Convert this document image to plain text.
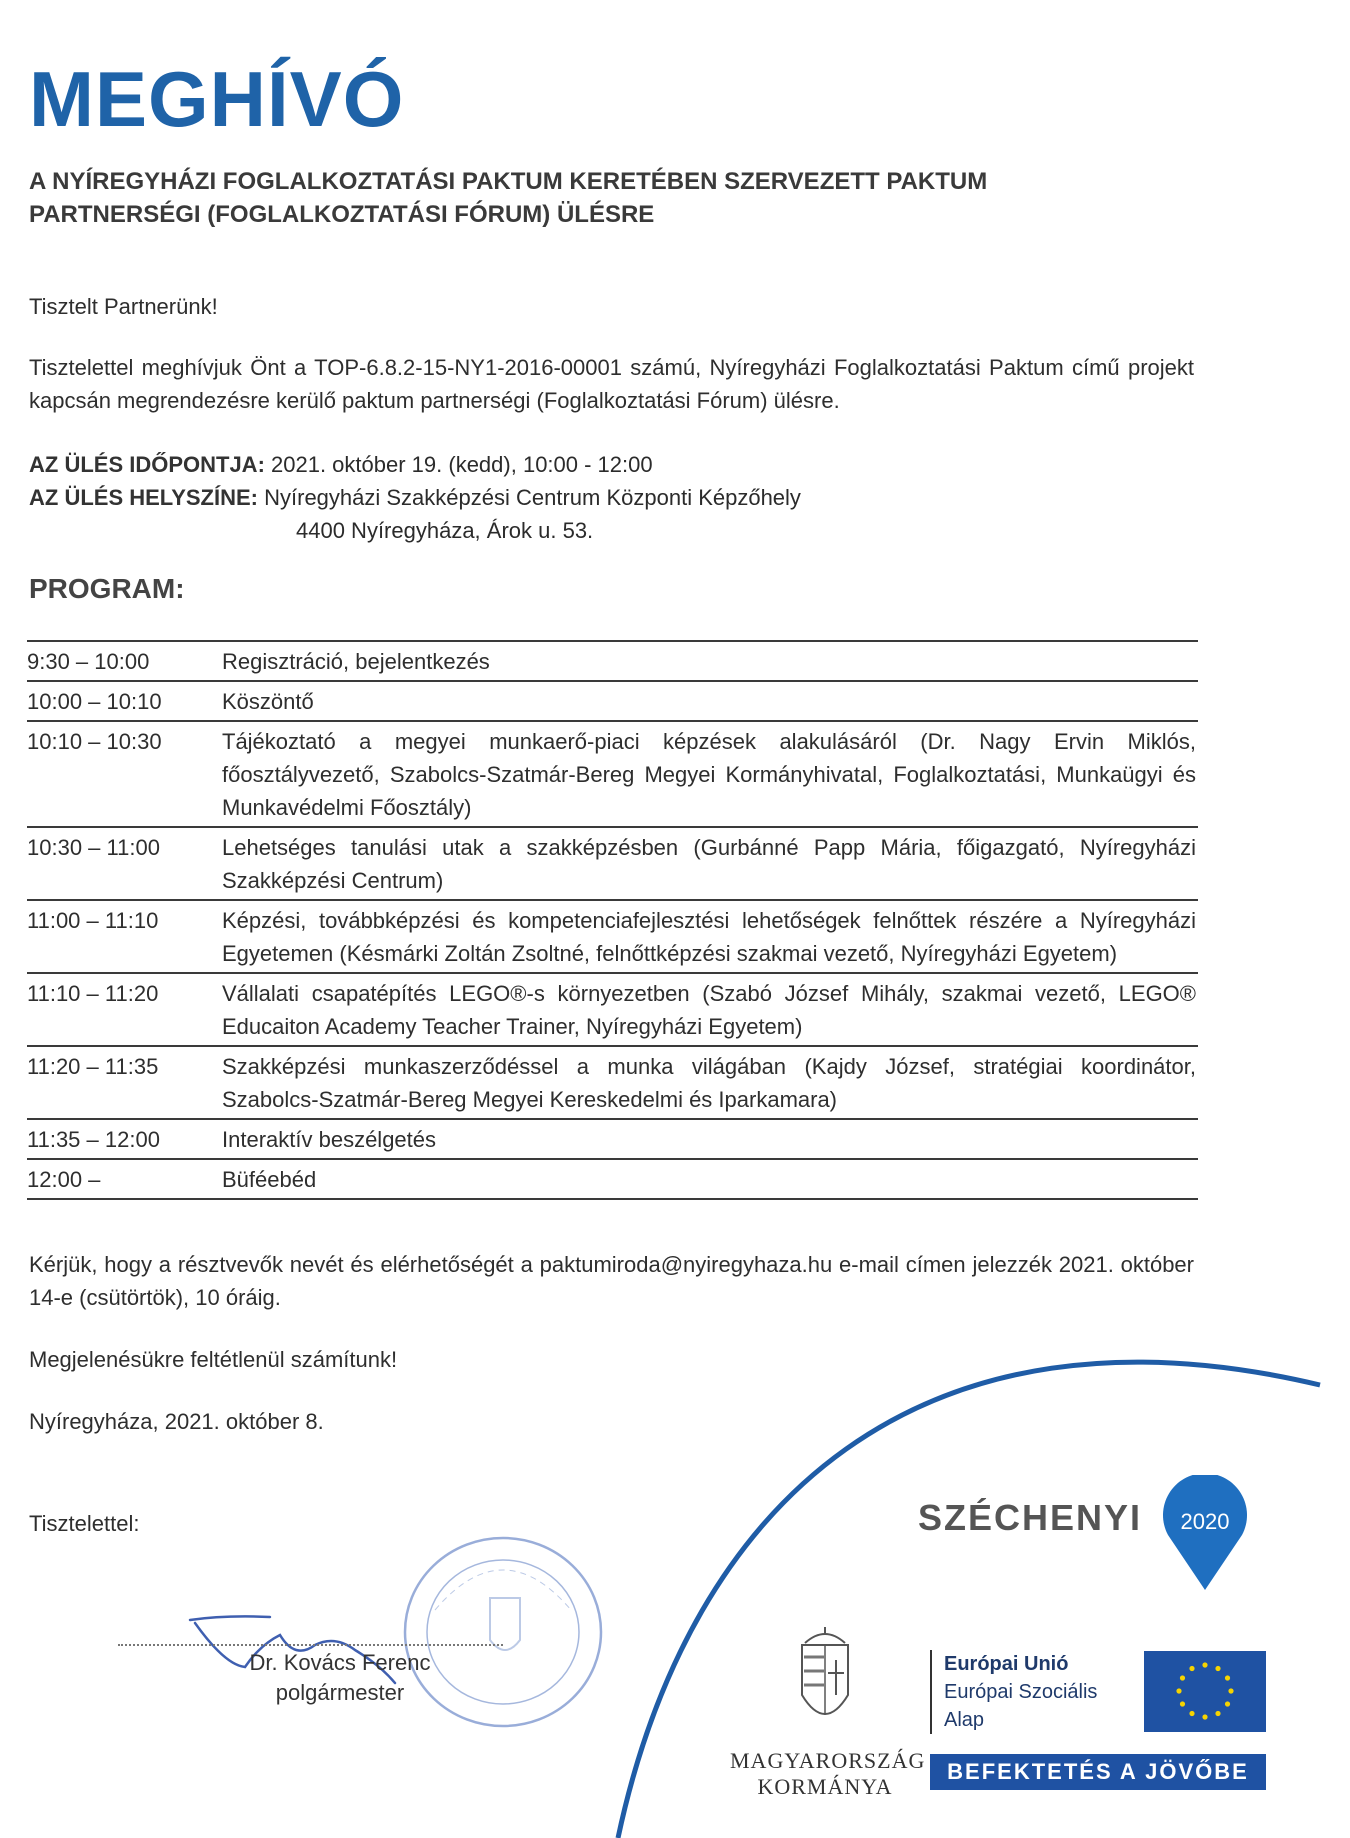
MEGHÍVÓ
A NYÍREGYHÁZI FOGLALKOZTATÁSI PAKTUM KERETÉBEN SZERVEZETT PAKTUM PARTNERSÉGI (FOGLALKOZTATÁSI FÓRUM) ÜLÉSRE
Tisztelt Partnerünk!
Tisztelettel meghívjuk Önt a TOP-6.8.2-15-NY1-2016-00001 számú, Nyíregyházi Foglalkoztatási Paktum című projekt kapcsán megrendezésre kerülő paktum partnerségi (Foglalkoztatási Fórum) ülésre.
AZ ÜLÉS IDŐPONTJA: 2021. október 19. (kedd), 10:00 - 12:00
AZ ÜLÉS HELYSZÍNE: Nyíregyházi Szakképzési Centrum Központi Képzőhely
4400 Nyíregyháza, Árok u. 53.
PROGRAM:
9:30 – 10:00	Regisztráció, bejelentkezés
10:00 – 10:10	Köszöntő
10:10 – 10:30	Tájékoztató a megyei munkaerő-piaci képzések alakulásáról (Dr. Nagy Ervin Miklós, főosztályvezető, Szabolcs-Szatmár-Bereg Megyei Kormányhivatal, Foglalkoztatási, Munkaügyi és Munkavédelmi Főosztály)
10:30 – 11:00	Lehetséges tanulási utak a szakképzésben (Gurbánné Papp Mária, főigazgató, Nyíregyházi Szakképzési Centrum)
11:00 – 11:10	Képzési, továbbképzési és kompetenciafejlesztési lehetőségek felnőttek részére a Nyíregyházi Egyetemen (Késmárki Zoltán Zsoltné, felnőttképzési szakmai vezető, Nyíregyházi Egyetem)
11:10 – 11:20	Vállalati csapatépítés LEGO®-s környezetben (Szabó József Mihály, szakmai vezető, LEGO® Educaiton Academy Teacher Trainer, Nyíregyházi Egyetem)
11:20 – 11:35	Szakképzési munkaszerződéssel a munka világában (Kajdy József, stratégiai koordinátor, Szabolcs-Szatmár-Bereg Megyei Kereskedelmi és Iparkamara)
11:35 – 12:00	Interaktív beszélgetés
12:00 –	Büféebéd
Kérjük, hogy a résztvevők nevét és elérhetőségét a paktumiroda@nyiregyhaza.hu e-mail címen jelezzék 2021. október 14-e (csütörtök), 10 óráig.
Megjelenésükre feltétlenül számítunk!
Nyíregyháza, 2021. október 8.
Tisztelettel:
Dr. Kovács Ferenc
polgármester
SZÉCHENYI 2020
MAGYARORSZÁG
KORMÁNYA
Európai Unió
Európai Szociális
Alap
BEFEKTETÉS A JÖVŐBE
